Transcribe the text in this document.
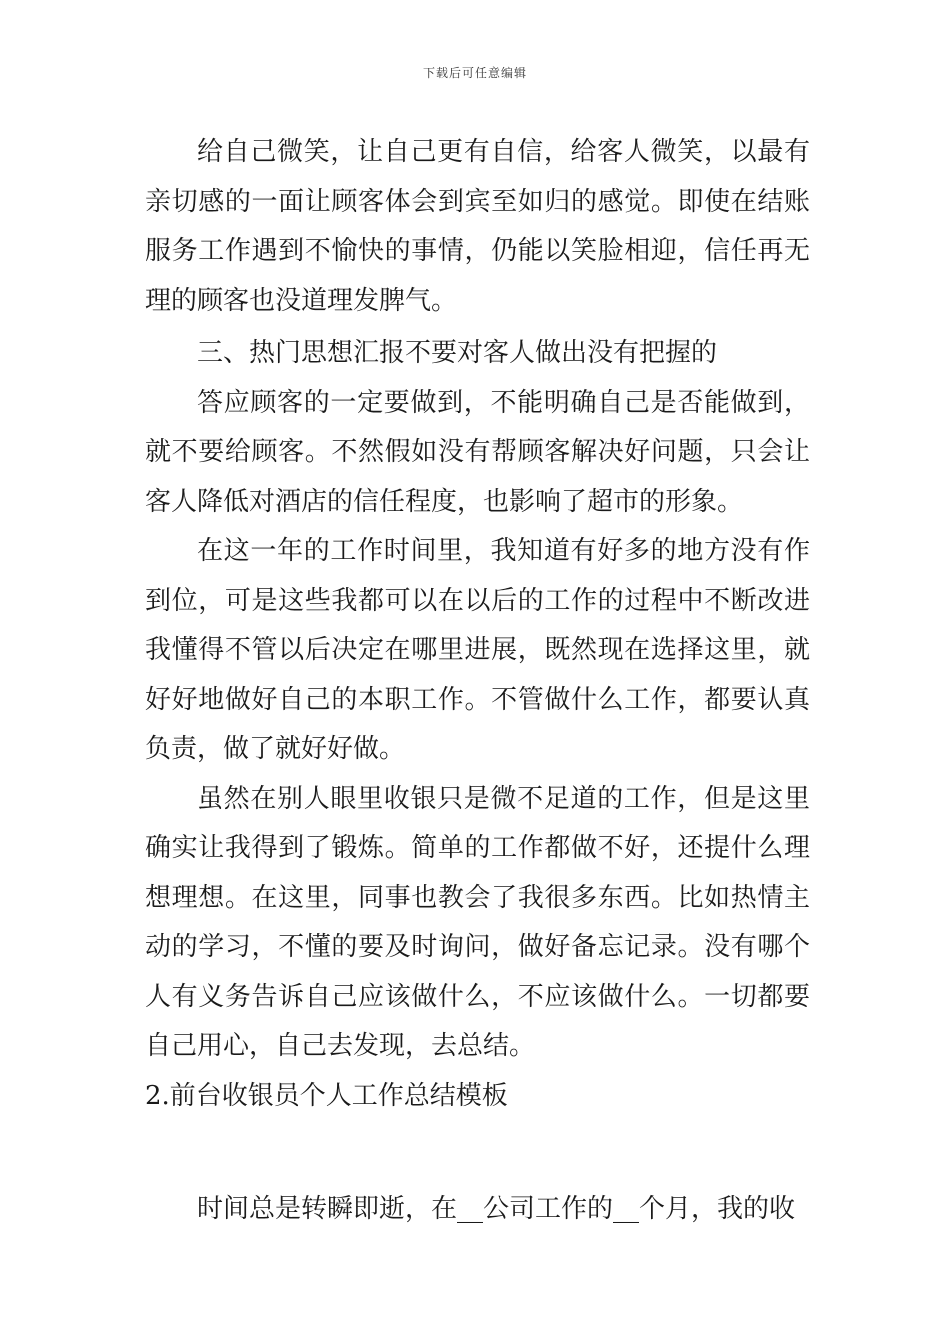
下载后可任意编辑

给自己微笑，让自己更有自信，给客人微笑，以最有亲切感的一面让顾客体会到宾至如归的感觉。即使在结账服务工作遇到不愉快的事情，仍能以笑脸相迎，信任再无理的顾客也没道理发脾气。

三、热门思想汇报不要对客人做出没有把握的

答应顾客的一定要做到，不能明确自己是否能做到，就不要给顾客。不然假如没有帮顾客解决好问题，只会让客人降低对酒店的信任程度，也影响了超市的形象。

在这一年的工作时间里，我知道有好多的地方没有作到位，可是这些我都可以在以后的工作的过程中不断改进我懂得不管以后决定在哪里进展，既然现在选择这里，就好好地做好自己的本职工作。不管做什么工作，都要认真负责，做了就好好做。

虽然在别人眼里收银只是微不足道的工作，但是这里确实让我得到了锻炼。简单的工作都做不好，还提什么理想理想。在这里，同事也教会了我很多东西。比如热情主动的学习，不懂的要及时询问，做好备忘记录。没有哪个人有义务告诉自己应该做什么，不应该做什么。一切都要自己用心，自己去发现，去总结。

2.前台收银员个人工作总结模板

时间总是转瞬即逝，在__公司工作的__个月，我的收
